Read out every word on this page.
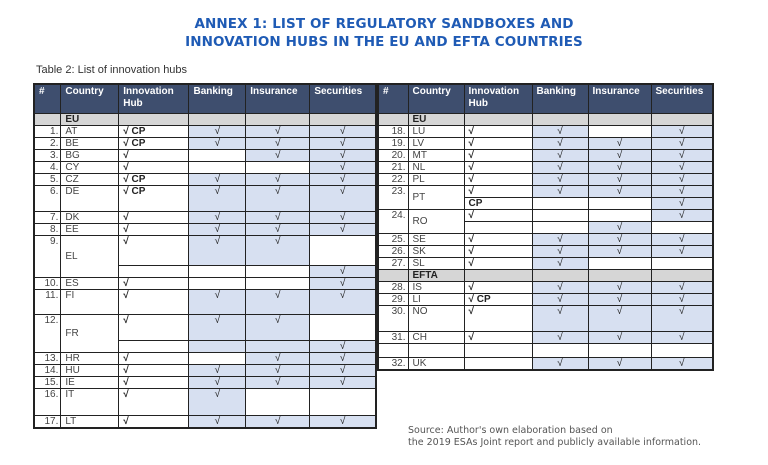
ANNEX 1: LIST OF REGULATORY SANDBOXES AND
INNOVATION HUBS IN THE EU AND EFTA COUNTRIES
Table 2: List of innovation hubs
#	Country	Innovation Hub	Banking	Insurance	Securities
	EU				
1.	AT	√ CP	√	√	√
2.	BE	√ CP	√	√	√
3.	BG	√		√	√
4.	CY	√			√
5.	CZ	√ CP	√	√	√
6.	DE	√ CP	√	√	√
7.	DK	√	√	√	√
8.	EE	√	√	√	√
9.	EL	√	√	√	
					√
10.	ES	√			√
11.	FI	√	√	√	√
12.	FR	√	√	√	
					√
13.	HR	√		√	√
14.	HU	√	√	√	√
15.	IE	√	√	√	√
16.	IT	√	√		
17.	LT	√	√	√	√
#	Country	Innovation Hub	Banking	Insurance	Securities
	EU				
18.	LU	√	√		√
19.	LV	√	√	√	√
20.	MT	√	√	√	√
21.	NL	√	√	√	√
22.	PL	√	√	√	√
23.	PT	√	√	√	√
		CP			√
24.	RO	√			√
				√	
25.	SE	√	√	√	√
26.	SK	√	√	√	√
27.	SL	√	√		
	EFTA				
28.	IS	√	√	√	√
29.	LI	√ CP	√	√	√
30.	NO	√	√	√	√
31.	CH	√	√	√	√

32.	UK		√	√	√
Source: Author's own elaboration based on
the 2019 ESAs Joint report and publicly available information.
